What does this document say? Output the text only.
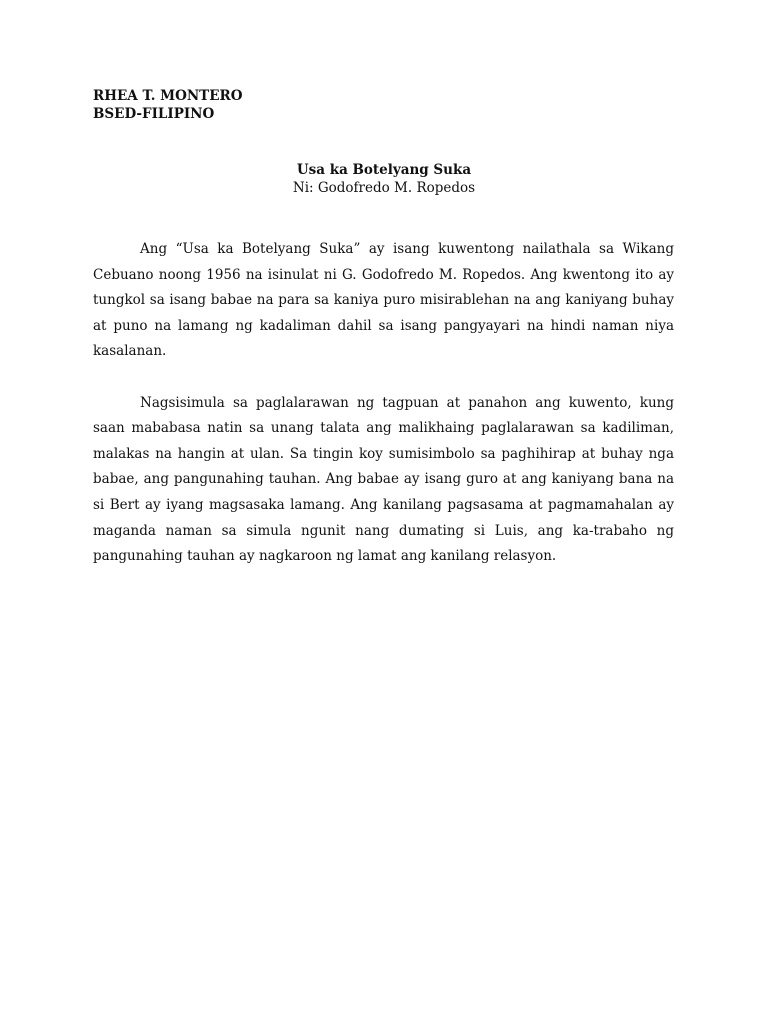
RHEA T. MONTERO
BSED-FILIPINO
Usa ka Botelyang Suka
Ni: Godofredo M. Ropedos

Ang “Usa ka Botelyang Suka” ay isang kuwentong nailathala sa Wikang Cebuano noong 1956 na isinulat ni G. Godofredo M. Ropedos. Ang kwentong ito ay tungkol sa isang babae na para sa kaniya puro misirablehan na ang kaniyang buhay at puno na lamang ng kadaliman dahil sa isang pangyayari na hindi naman niya kasalanan.

Nagsisimula sa paglalarawan ng tagpuan at panahon ang kuwento, kung saan mababasa natin sa unang talata ang malikhaing paglalarawan sa kadiliman, malakas na hangin at ulan. Sa tingin koy sumisimbolo sa paghihirap at buhay nga babae, ang pangunahing tauhan. Ang babae ay isang guro at ang kaniyang bana na si Bert ay iyang magsasaka lamang. Ang kanilang pagsasama at pagmamahalan ay maganda naman sa simula ngunit nang dumating si Luis, ang ka-trabaho ng pangunahing tauhan ay nagkaroon ng lamat ang kanilang relasyon.
